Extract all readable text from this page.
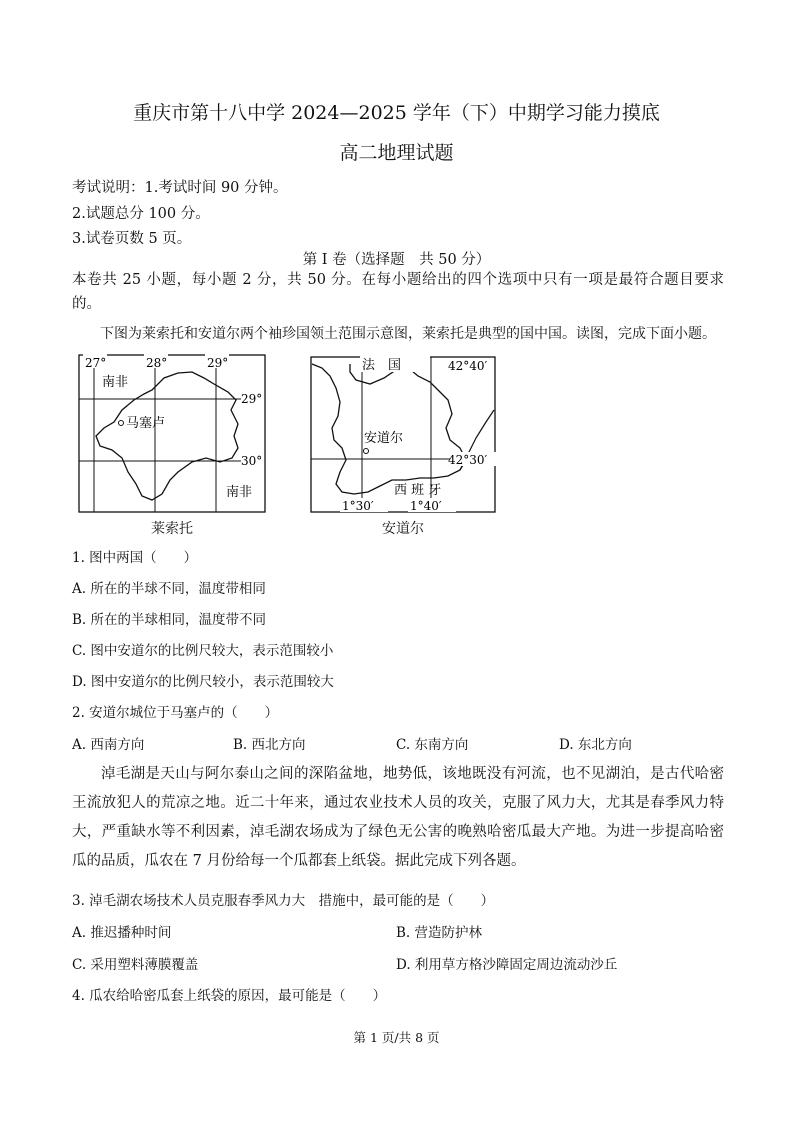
重庆市第十八中学 2024—2025 学年（下）中期学习能力摸底
高二地理试题
考试说明：1.考试时间 90 分钟。
2.试题总分 100 分。
3.试卷页数 5 页。
第 I 卷（选择题　共 50 分）
本卷共 25 小题，每小题 2 分，共 50 分。在每小题给出的四个选项中只有一项是最符合题目要求的。
下图为莱索托和安道尔两个袖珍国领土范围示意图，莱索托是典型的国中国。读图，完成下面小题。
27°	28°	29°
29°
30°
南非
马塞卢
南非
莱索托
法　国	42°40′
42°30′
安道尔
西 班 牙
1°30′	1°40′
安道尔
1. 图中两国（　　）
A. 所在的半球不同，温度带相同
B. 所在的半球相同，温度带不同
C. 图中安道尔的比例尺较大，表示范围较小
D. 图中安道尔的比例尺较小，表示范围较大
2. 安道尔城位于马塞卢的（　　）
A. 西南方向	B. 西北方向	C. 东南方向	D. 东北方向
淖毛湖是天山与阿尔泰山之间的深陷盆地，地势低，该地既没有河流，也不见湖泊，是古代哈密王流放犯人的荒凉之地。近二十年来，通过农业技术人员的攻关，克服了风力大，尤其是春季风力特大，严重缺水等不利因素，淖毛湖农场成为了绿色无公害的晚熟哈密瓜最大产地。为进一步提高哈密瓜的品质，瓜农在 7 月份给每一个瓜都套上纸袋。据此完成下列各题。
3. 淖毛湖农场技术人员克服春季风力大　措施中，最可能的是（　　）
A. 推迟播种时间	B. 营造防护林
C. 采用塑料薄膜覆盖	D. 利用草方格沙障固定周边流动沙丘
4. 瓜农给哈密瓜套上纸袋的原因，最可能是（　　）
第 1 页/共 8 页
